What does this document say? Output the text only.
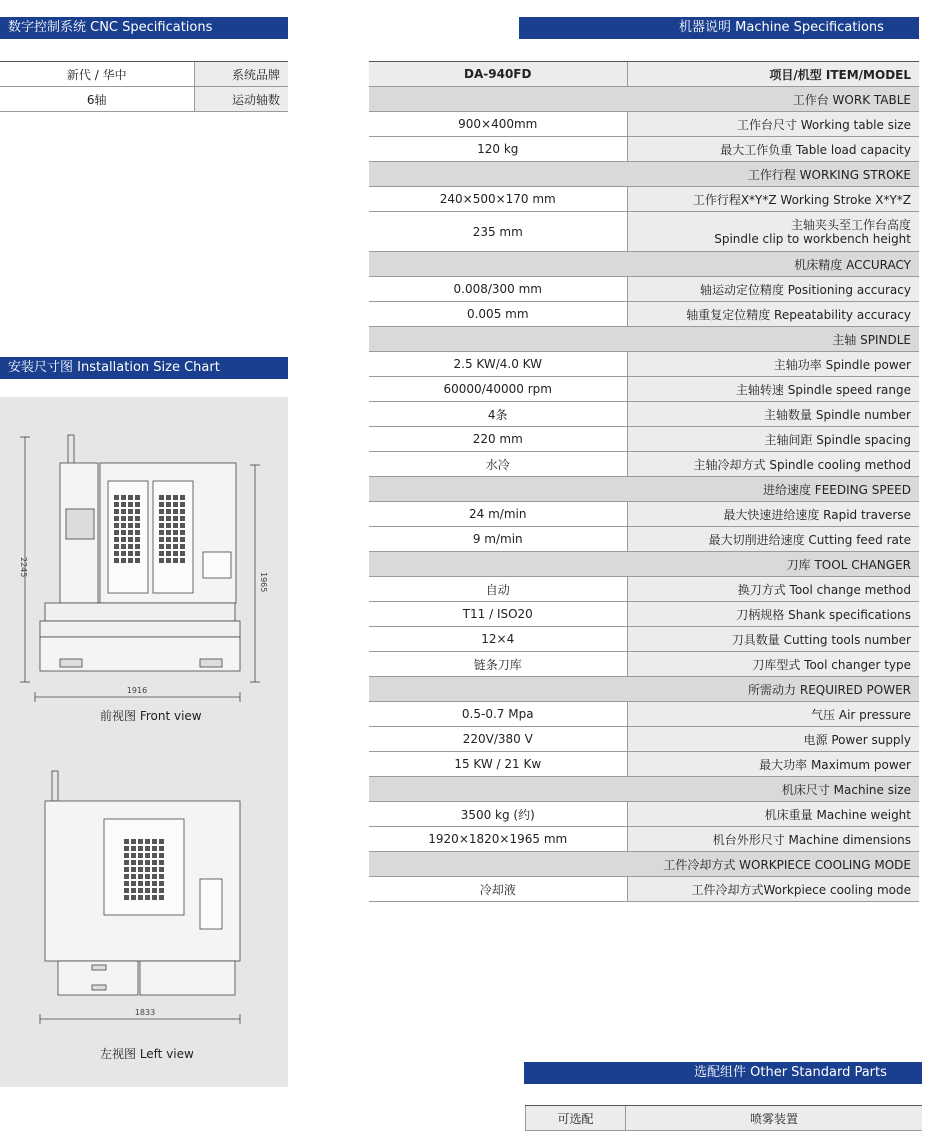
数字控制系统 CNC Specifications
新代 / 华中	系统品牌
6轴	运动轴数
机器说明 Machine Specifications
DA-940FD	项目/机型 ITEM/MODEL
工作台 WORK TABLE	
900×400mm	工作台尺寸 Working table size
120 kg	最大工作负重 Table load capacity
工作行程 WORKING STROKE	
240×500×170 mm	工作行程X*Y*Z Working Stroke X*Y*Z
235 mm	主轴夹头至工作台高度
Spindle clip to workbench height

机床精度 ACCURACY	
0.008/300 mm	轴运动定位精度 Positioning accuracy
0.005 mm	轴重复定位精度 Repeatability accuracy
主轴 SPINDLE	
2.5 KW/4.0 KW	主轴功率 Spindle power
60000/40000 rpm	主轴转速 Spindle speed range
4条	主轴数量 Spindle number
220 mm	主轴间距 Spindle spacing
水冷	主轴冷却方式 Spindle cooling method
进给速度 FEEDING SPEED	
24 m/min	最大快速进给速度 Rapid traverse
9 m/min	最大切削进给速度 Cutting feed rate
刀库 TOOL CHANGER	
自动	换刀方式 Tool change method
T11 / ISO20	刀柄规格 Shank specifications
12×4	刀具数量 Cutting tools number
链条刀库	刀库型式 Tool changer type
所需动力 REQUIRED POWER	
0.5-0.7 Mpa	气压 Air pressure
220V/380 V	电源 Power supply
15 KW / 21 Kw	最大功率 Maximum power
机床尺寸 Machine size	
3500 kg (约)	机床重量 Machine weight
1920×1820×1965 mm	机台外形尺寸 Machine dimensions
工件冷却方式 WORKPIECE COOLING MODE	
冷却液	工件冷却方式Workpiece cooling mode
安装尺寸图 Installation Size Chart
1916
2245
1965
前视图 Front view
1833
左视图 Left view
选配组件 Other Standard Parts
可选配	喷雾装置
